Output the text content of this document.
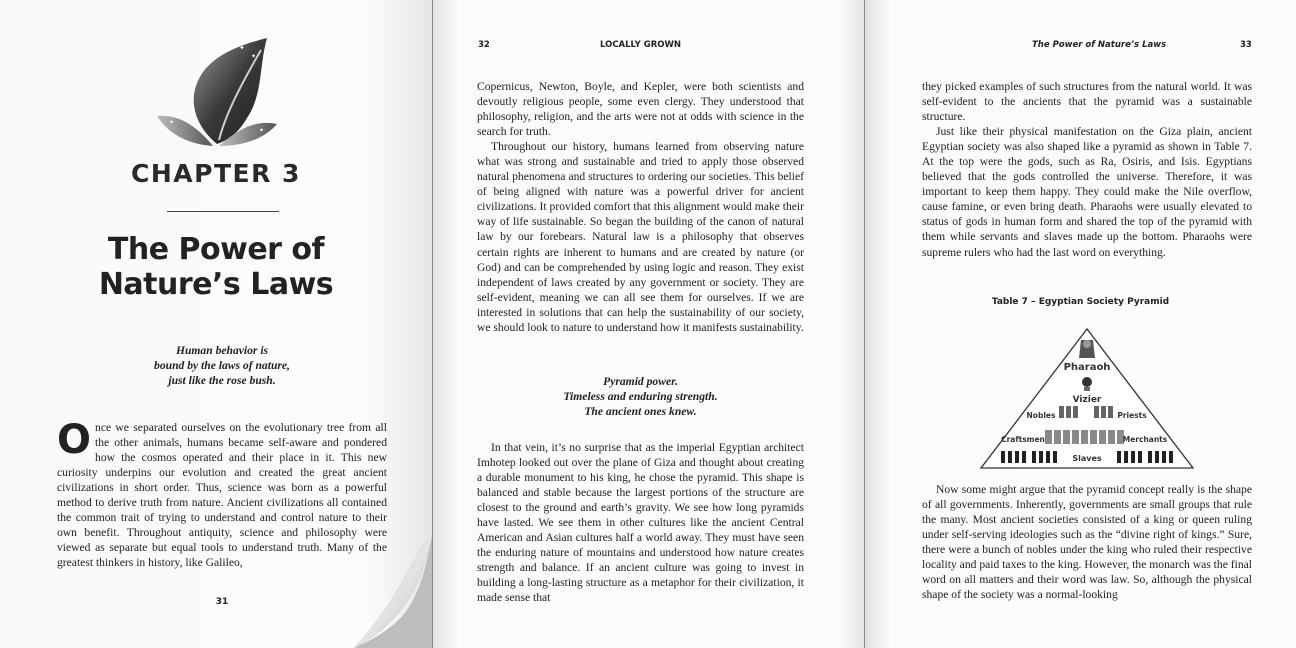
✦
✦
✦
✦
CHAPTER 3
The Power of
Nature’s Laws
Human behavior is
bound by the laws of nature,
just like the rose bush.
O nce we separated ourselves on the evolutionary tree from all the other animals, humans became self-aware and pondered how the cosmos operated and their place in it. This new curiosity underpins our evolution and created the great ancient civilizations in short order. Thus, science was born as a powerful method to derive truth from nature. Ancient civilizations all contained the common trait of trying to understand and control nature to their own benefit. Throughout antiquity, science and philosophy were viewed as separate but equal tools to understand truth. Many of the greatest thinkers in history, like Galileo,
31
32	LOCALLY GROWN

Copernicus, Newton, Boyle, and Kepler, were both scientists and devoutly religious people, some even clergy. They understood that philosophy, religion, and the arts were not at odds with science in the search for truth.

Throughout our history, humans learned from observing nature what was strong and sustainable and tried to apply those observed natural phenomena and structures to ordering our societies. This belief of being aligned with nature was a powerful driver for ancient civilizations. It provided comfort that this alignment would make their way of life sustainable. So began the building of the canon of natural law by our forebears. Natural law is a philosophy that observes certain rights are inherent to humans and are created by nature (or God) and can be comprehended by using logic and reason. They exist independent of laws created by any government or society. They are self-evident, meaning we can all see them for ourselves. If we are interested in solutions that can help the sustainability of our society, we should look to nature to understand how it manifests sustainability.

Pyramid power.
Timeless and enduring strength.
The ancient ones knew.

In that vein, it’s no surprise that as the imperial Egyptian architect Imhotep looked out over the plane of Giza and thought about creating a durable monument to his king, he chose the pyramid. This shape is balanced and stable because the largest portions of the structure are closest to the ground and earth’s gravity. We see how long pyramids have lasted. We see them in other cultures like the ancient Central American and Asian cultures half a world away. They must have seen the enduring nature of mountains and understood how nature creates strength and balance. If an ancient culture was going to invest in building a long-lasting structure as a metaphor for their civilization, it made sense that

The Power of Nature’s Laws	33

they picked examples of such structures from the natural world. It was self-evident to the ancients that the pyramid was a sustainable structure.

Just like their physical manifestation on the Giza plain, ancient Egyptian society was also shaped like a pyramid as shown in Table 7. At the top were the gods, such as Ra, Osiris, and Isis. Egyptians believed that the gods controlled the universe. Therefore, it was important to keep them happy. They could make the Nile overflow, cause famine, or even bring death. Pharaohs were usually elevated to status of gods in human form and shared the top of the pyramid with them while servants and slaves made up the bottom. Pharaohs were supreme rulers who had the last word on everything.

Now some might argue that the pyramid concept really is the shape of all governments. Inherently, governments are small groups that rule the many. Most ancient societies consisted of a king or queen ruling under self-serving ideologies such as the “divine right of kings.” Sure, there were a bunch of nobles under the king who ruled their respective locality and paid taxes to the king. However, the monarch was the final word on all matters and their word was law. So, although the physical shape of the society was a normal-looking

Table 7 – Egyptian Society Pyramid
Pharaoh
Vizier
Nobles	Priests
Craftsmen	Merchants
Slaves
